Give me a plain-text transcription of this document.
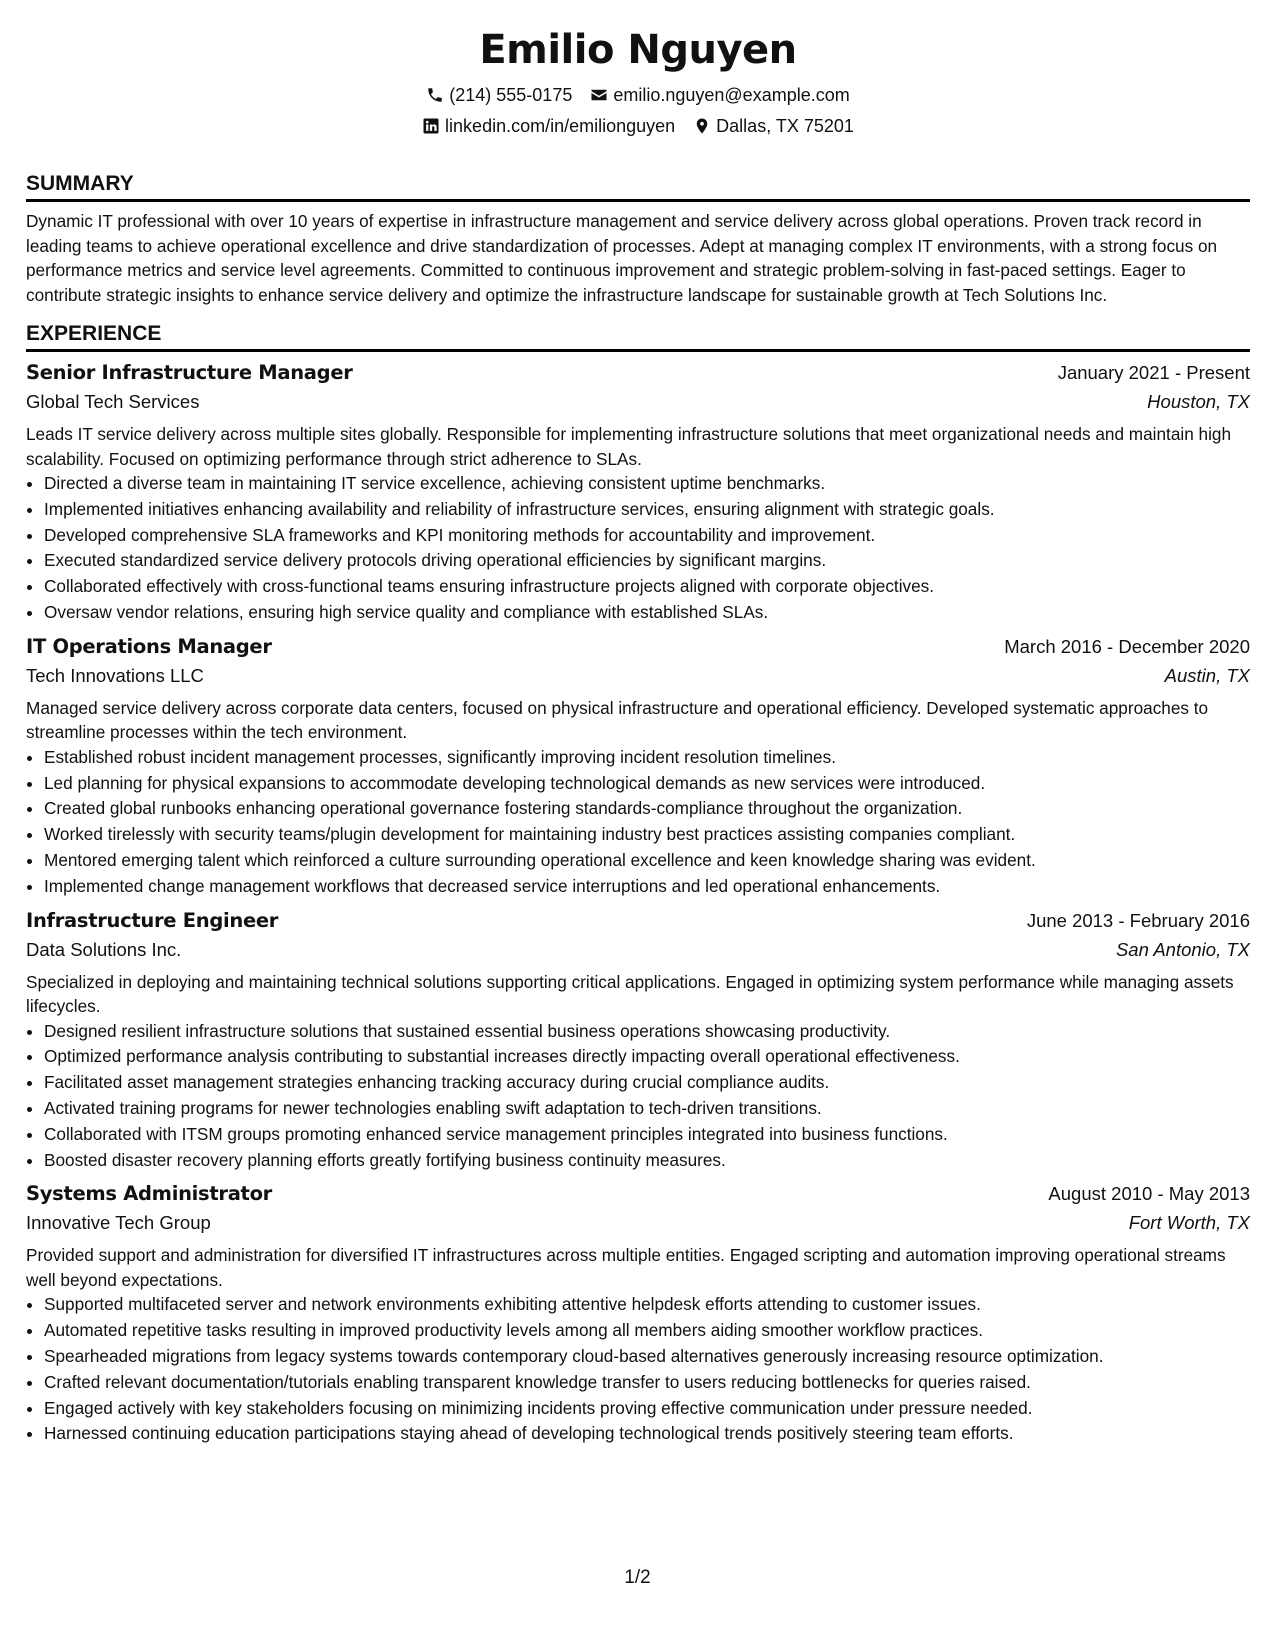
Emilio Nguyen
(214) 555-0175 emilio.nguyen@example.com
linkedin.com/in/emilionguyen Dallas, TX 75201
SUMMARY

Dynamic IT professional with over 10 years of expertise in infrastructure management and service delivery across global operations. Proven track record in leading teams to achieve operational excellence and drive standardization of processes. Adept at managing complex IT environments, with a strong focus on performance metrics and service level agreements. Committed to continuous improvement and strategic problem-solving in fast-paced settings. Eager to contribute strategic insights to enhance service delivery and optimize the infrastructure landscape for sustainable growth at Tech Solutions Inc.

EXPERIENCE
Senior Infrastructure Manager	January 2021 - Present
Global Tech Services	Houston, TX

Leads IT service delivery across multiple sites globally. Responsible for implementing infrastructure solutions that meet organizational needs and maintain high scalability. Focused on optimizing performance through strict adherence to SLAs.

• Directed a diverse team in maintaining IT service excellence, achieving consistent uptime benchmarks.
• Implemented initiatives enhancing availability and reliability of infrastructure services, ensuring alignment with strategic goals.
• Developed comprehensive SLA frameworks and KPI monitoring methods for accountability and improvement.
• Executed standardized service delivery protocols driving operational efficiencies by significant margins.
• Collaborated effectively with cross-functional teams ensuring infrastructure projects aligned with corporate objectives.
• Oversaw vendor relations, ensuring high service quality and compliance with established SLAs.
IT Operations Manager	March 2016 - December 2020
Tech Innovations LLC	Austin, TX

Managed service delivery across corporate data centers, focused on physical infrastructure and operational efficiency. Developed systematic approaches to streamline processes within the tech environment.

• Established robust incident management processes, significantly improving incident resolution timelines.
• Led planning for physical expansions to accommodate developing technological demands as new services were introduced.
• Created global runbooks enhancing operational governance fostering standards-compliance throughout the organization.
• Worked tirelessly with security teams/plugin development for maintaining industry best practices assisting companies compliant.
• Mentored emerging talent which reinforced a culture surrounding operational excellence and keen knowledge sharing was evident.
• Implemented change management workflows that decreased service interruptions and led operational enhancements.
Infrastructure Engineer	June 2013 - February 2016
Data Solutions Inc.	San Antonio, TX

Specialized in deploying and maintaining technical solutions supporting critical applications. Engaged in optimizing system performance while managing assets lifecycles.

• Designed resilient infrastructure solutions that sustained essential business operations showcasing productivity.
• Optimized performance analysis contributing to substantial increases directly impacting overall operational effectiveness.
• Facilitated asset management strategies enhancing tracking accuracy during crucial compliance audits.
• Activated training programs for newer technologies enabling swift adaptation to tech-driven transitions.
• Collaborated with ITSM groups promoting enhanced service management principles integrated into business functions.
• Boosted disaster recovery planning efforts greatly fortifying business continuity measures.
Systems Administrator	August 2010 - May 2013
Innovative Tech Group	Fort Worth, TX

Provided support and administration for diversified IT infrastructures across multiple entities. Engaged scripting and automation improving operational streams well beyond expectations.

• Supported multifaceted server and network environments exhibiting attentive helpdesk efforts attending to customer issues.
• Automated repetitive tasks resulting in improved productivity levels among all members aiding smoother workflow practices.
• Spearheaded migrations from legacy systems towards contemporary cloud-based alternatives generously increasing resource optimization.
• Crafted relevant documentation/tutorials enabling transparent knowledge transfer to users reducing bottlenecks for queries raised.
• Engaged actively with key stakeholders focusing on minimizing incidents proving effective communication under pressure needed.
• Harnessed continuing education participations staying ahead of developing technological trends positively steering team efforts.
1/2
